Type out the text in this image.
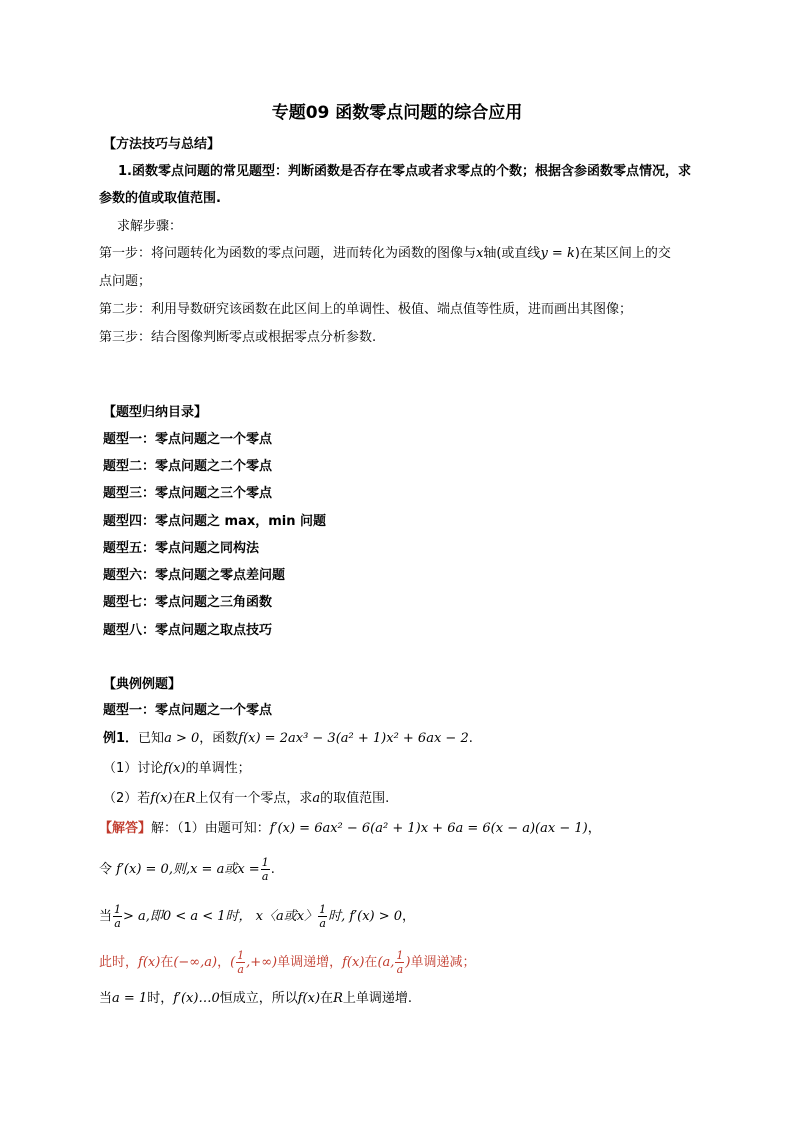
专题09 函数零点问题的综合应用
【方法技巧与总结】
1.函数零点问题的常见题型：判断函数是否存在零点或者求零点的个数；根据含参函数零点情况，求
参数的值或取值范围.
求解步骤：
第一步：将问题转化为函数的零点问题，进而转化为函数的图像与x轴(或直线y = k)在某区间上的交
点问题；
第二步：利用导数研究该函数在此区间上的单调性、极值、端点值等性质，进而画出其图像；
第三步：结合图像判断零点或根据零点分析参数.
【题型归纳目录】
题型一：零点问题之一个零点
题型二：零点问题之二个零点
题型三：零点问题之三个零点
题型四：零点问题之 max，min 问题
题型五：零点问题之同构法
题型六：零点问题之零点差问题
题型七：零点问题之三角函数
题型八：零点问题之取点技巧
【典例例题】
题型一：零点问题之一个零点
例1．已知a > 0，函数f(x) = 2ax³ − 3(a² + 1)x² + 6ax − 2.
（1）讨论f(x)的单调性；
（2）若f(x)在R上仅有一个零点，求a的取值范围.
【解答】解：（1）由题可知：f′(x) = 6ax² − 6(a² + 1)x + 6a = 6(x − a)(ax − 1)，
令 f′(x) = 0,则,x = a或$x = \frac{1}{a}$ .
当 $\frac{1}{a} > a$,即0 < a < 1时， x〈a或x〉 $\frac{1}{a}$ 时, f′(x) > 0，
此时，f(x)在(−∞,a)，( $\frac{1}{a}$ ,+∞)单调递增，f(x)在(a, $\frac{1}{a}$ )单调递减；
当a = 1时，f′(x)…0恒成立，所以f(x)在R上单调递增.
